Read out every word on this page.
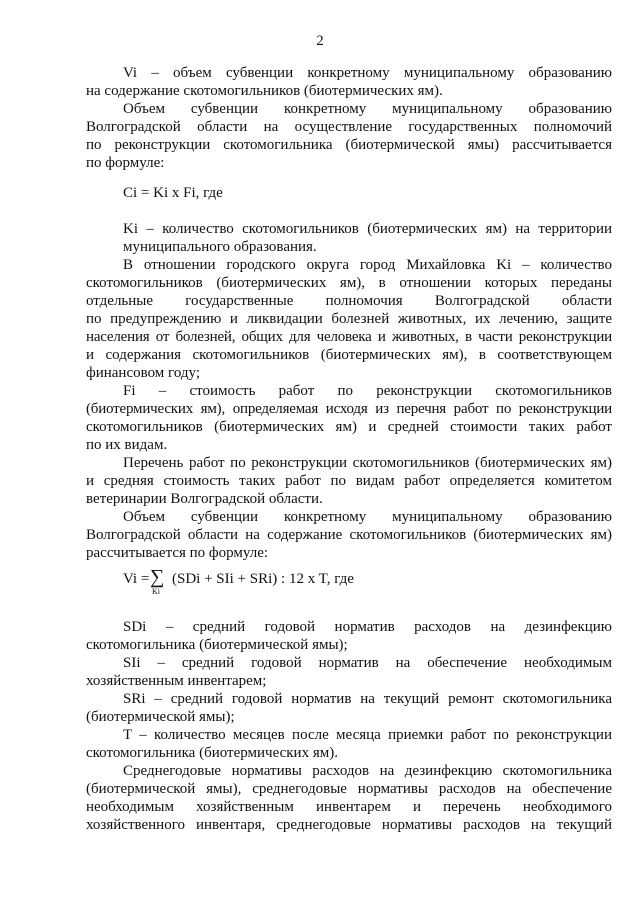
2
Vi – объем субвенции конкретному муниципальному образованию
на содержание скотомогильников (биотермических ям).
Объем субвенции конкретному муниципальному образованию
Волгоградской области на осуществление государственных полномочий
по реконструкции скотомогильника (биотермической ямы) рассчитывается
по формуле:
Ci = Ki x Fi, где
Ki – количество скотомогильников (биотермических ям) на территории
муниципального образования.
В отношении городского округа город Михайловка Ki – количество
скотомогильников (биотермических ям), в отношении которых переданы
отдельные государственные полномочия Волгоградской области
по предупреждению и ликвидации болезней животных, их лечению, защите
населения от болезней, общих для человека и животных, в части реконструкции
и содержания скотомогильников (биотермических ям), в соответствующем
финансовом году;
Fi – стоимость работ по реконструкции скотомогильников
(биотермических ям), определяемая исходя из перечня работ по реконструкции
скотомогильников (биотермических ям) и средней стоимости таких работ
по их видам.
Перечень работ по реконструкции скотомогильников (биотермических ям)
и средняя стоимость таких работ по видам работ определяется комитетом
ветеринарии Волгоградской области.
Объем субвенции конкретному муниципальному образованию
Волгоградской области на содержание скотомогильников (биотермических ям)
рассчитывается по формуле:
Vi = ∑
Ki
(SDi + SIi + SRi) : 12 x T, где
SDi – средний годовой норматив расходов на дезинфекцию
скотомогильника (биотермической ямы);
SIi – средний годовой норматив на обеспечение необходимым
хозяйственным инвентарем;
SRi – средний годовой норматив на текущий ремонт скотомогильника
(биотермической ямы);
T – количество месяцев после месяца приемки работ по реконструкции
скотомогильника (биотермических ям).
Среднегодовые нормативы расходов на дезинфекцию скотомогильника
(биотермической ямы), среднегодовые нормативы расходов на обеспечение
необходимым хозяйственным инвентарем и перечень необходимого
хозяйственного инвентаря, среднегодовые нормативы расходов на текущий
